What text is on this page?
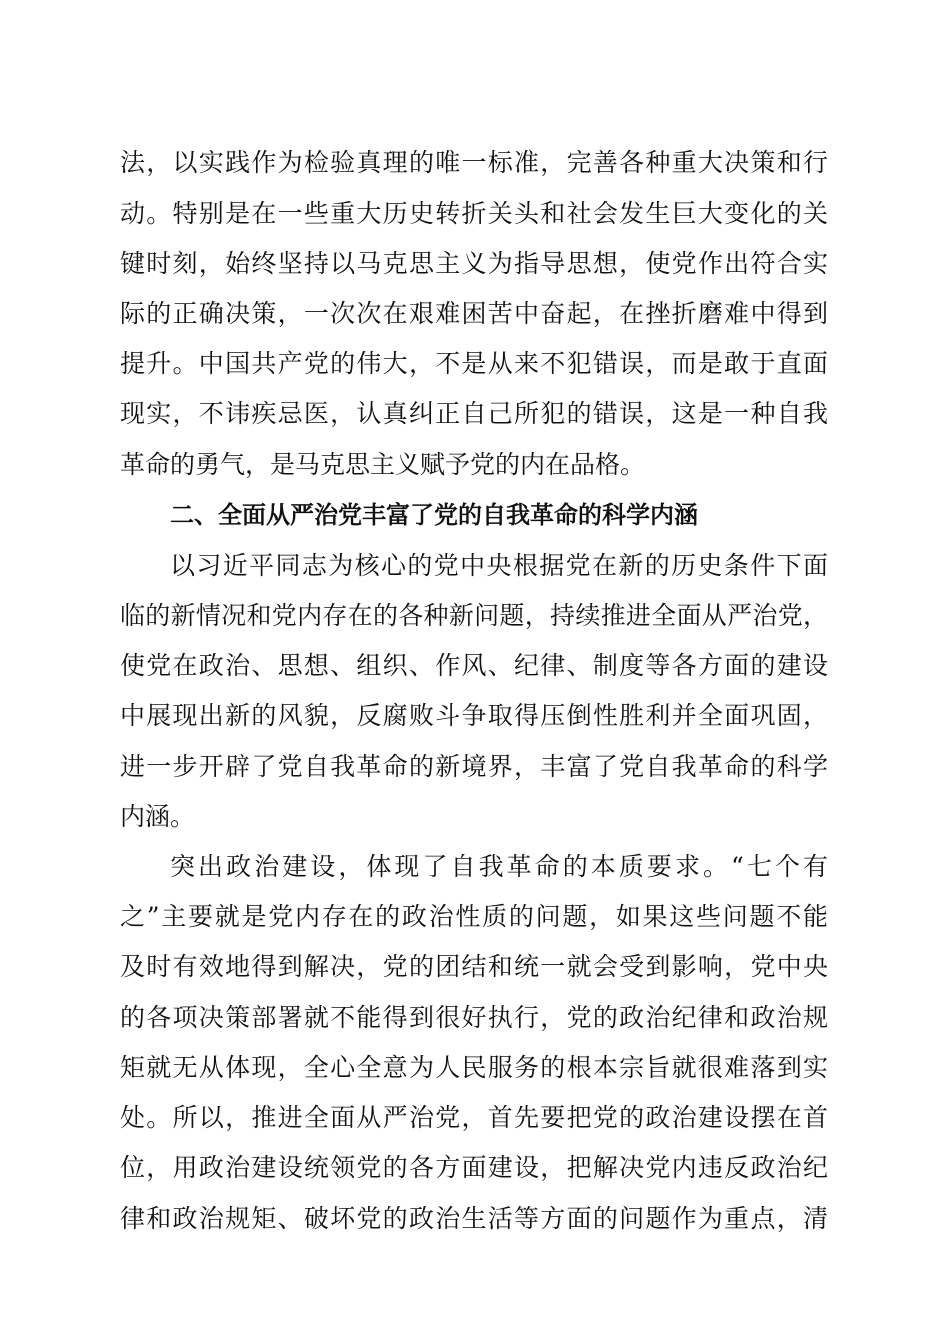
法，以实践作为检验真理的唯一标准，完善各种重大决策和行
动。特别是在一些重大历史转折关头和社会发生巨大变化的关
键时刻，始终坚持以马克思主义为指导思想，使党作出符合实
际的正确决策，一次次在艰难困苦中奋起，在挫折磨难中得到
提升。中国共产党的伟大，不是从来不犯错误，而是敢于直面
现实，不讳疾忌医，认真纠正自己所犯的错误，这是一种自我
革命的勇气，是马克思主义赋予党的内在品格。
二、全面从严治党丰富了党的自我革命的科学内涵
以习近平同志为核心的党中央根据党在新的历史条件下面
临的新情况和党内存在的各种新问题，持续推进全面从严治党，
使党在政治、思想、组织、作风、纪律、制度等各方面的建设
中展现出新的风貌，反腐败斗争取得压倒性胜利并全面巩固，
进一步开辟了党自我革命的新境界，丰富了党自我革命的科学
内涵。
突出政治建设，体现了自我革命的本质要求。“七个有
之”主要就是党内存在的政治性质的问题，如果这些问题不能
及时有效地得到解决，党的团结和统一就会受到影响，党中央
的各项决策部署就不能得到很好执行，党的政治纪律和政治规
矩就无从体现，全心全意为人民服务的根本宗旨就很难落到实
处。所以，推进全面从严治党，首先要把党的政治建设摆在首
位，用政治建设统领党的各方面建设，把解决党内违反政治纪
律和政治规矩、破坏党的政治生活等方面的问题作为重点，清
